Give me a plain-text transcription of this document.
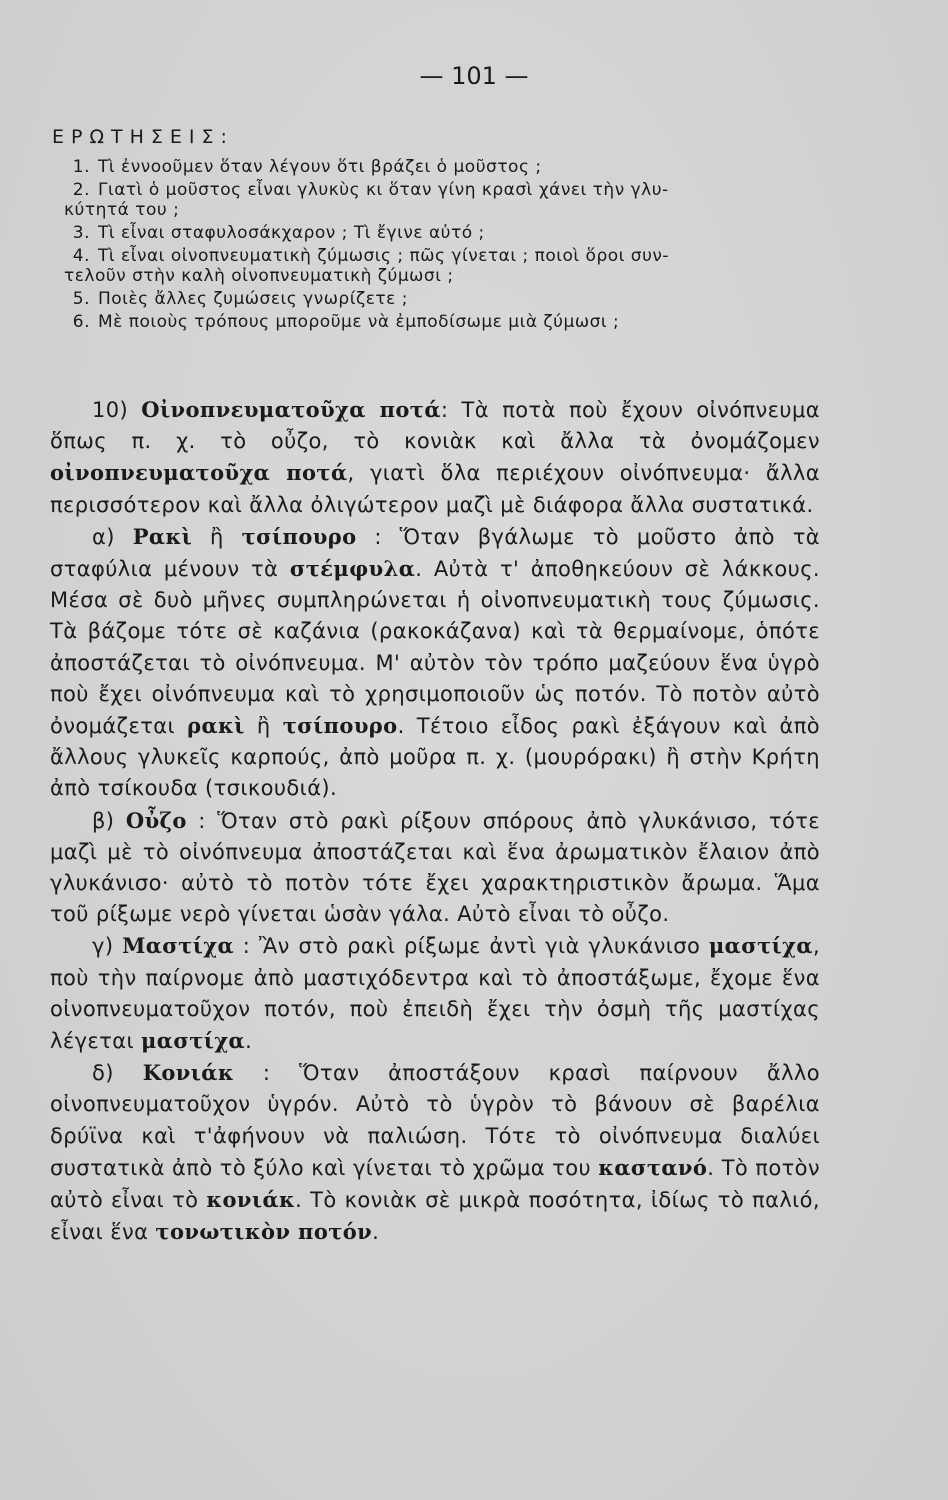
— 101 —
ΕΡΩΤΗΣΕΙΣ:
1. Τὶ ἐννοοῦμεν ὅταν λέγουν ὅτι βράζει ὁ μοῦστος ;
2. Γιατὶ ὁ μοῦστος εἶναι γλυκὺς κι ὅταν γίνη κρασὶ χάνει τὴν γλυ-
κύτητά του ;
3. Τὶ εἶναι σταφυλοσάκχαρον ; Τὶ ἔγινε αὐτό ;
4. Τὶ εἶναι οἰνοπνευματικὴ ζύμωσις ; πῶς γίνεται ; ποιοὶ ὅροι συν-
τελοῦν στὴν καλὴ οἰνοπνευματικὴ ζύμωσι ;
5. Ποιὲς ἄλλες ζυμώσεις γνωρίζετε ;
6. Μὲ ποιοὺς τρόπους μποροῦμε νὰ ἐμποδίσωμε μιὰ ζύμωσι ;

10) Οἰνοπνευματοῦχα ποτά: Τὰ ποτὰ ποὺ ἔχουν οἰνόπνευμα ὅπως π. χ. τὸ οὖζο, τὸ κονιὰκ καὶ ἄλλα τὰ ὀνομάζομεν οἰνοπνευματοῦχα ποτά, γιατὶ ὅλα περιέχουν οἰνόπνευμα· ἄλλα περισσότερον καὶ ἄλλα ὀλιγώτερον μαζὶ μὲ διάφορα ἄλλα συστατικά.

α) Ρακὶ ἢ τσίπουρο : Ὅταν βγάλωμε τὸ μοῦστο ἀπὸ τὰ σταφύλια μένουν τὰ στέμφυλα. Αὐτὰ τ' ἀποθηκεύουν σὲ λάκκους. Μέσα σὲ δυὸ μῆνες συμπληρώνεται ἡ οἰνοπνευματικὴ τους ζύμωσις. Τὰ βάζομε τότε σὲ καζάνια (ρακοκάζανα) καὶ τὰ θερμαίνομε, ὁπότε ἀποστάζεται τὸ οἰνόπνευμα. Μ' αὐτὸν τὸν τρόπο μαζεύουν ἕνα ὑγρὸ ποὺ ἔχει οἰνόπνευμα καὶ τὸ χρησιμοποιοῦν ὡς ποτόν. Τὸ ποτὸν αὐτὸ ὀνομάζεται ρακὶ ἢ τσίπουρο. Τέτοιο εἶδος ρακὶ ἐξάγουν καὶ ἀπὸ ἄλλους γλυκεῖς καρπούς, ἀπὸ μοῦρα π. χ. (μουρόρακι) ἢ στὴν Κρήτη ἀπὸ τσίκουδα (τσικουδιά).

β) Οὖζο : Ὅταν στὸ ρακὶ ρίξουν σπόρους ἀπὸ γλυκάνισο, τότε μαζὶ μὲ τὸ οἰνόπνευμα ἀποστάζεται καὶ ἕνα ἀρωματικὸν ἔλαιον ἀπὸ γλυκάνισο· αὐτὸ τὸ ποτὸν τότε ἔχει χαρακτηριστικὸν ἄρωμα. Ἅμα τοῦ ρίξωμε νερὸ γίνεται ὡσὰν γάλα. Αὐτὸ εἶναι τὸ οὖζο.

γ) Μαστίχα : Ἂν στὸ ρακὶ ρίξωμε ἀντὶ γιὰ γλυκάνισο μαστίχα, ποὺ τὴν παίρνομε ἀπὸ μαστιχόδεντρα καὶ τὸ ἀποστάξωμε, ἔχομε ἕνα οἰνοπνευματοῦχον ποτόν, ποὺ ἐπειδὴ ἔχει τὴν ὀσμὴ τῆς μαστίχας λέγεται μαστίχα.

δ) Κονιάκ : Ὅταν ἀποστάξουν κρασὶ παίρνουν ἄλλο οἰνοπνευματοῦχον ὑγρόν. Αὐτὸ τὸ ὑγρὸν τὸ βάνουν σὲ βαρέλια δρύϊνα καὶ τ'ἀφήνουν νὰ παλιώση. Τότε τὸ οἰνόπνευμα διαλύει συστατικὰ ἀπὸ τὸ ξύλο καὶ γίνεται τὸ χρῶμα του καστανό. Τὸ ποτὸν αὐτὸ εἶναι τὸ κονιάκ. Τὸ κονιὰκ σὲ μικρὰ ποσότητα, ἰδίως τὸ παλιό, εἶναι ἕνα τονωτικὸν ποτόν.
